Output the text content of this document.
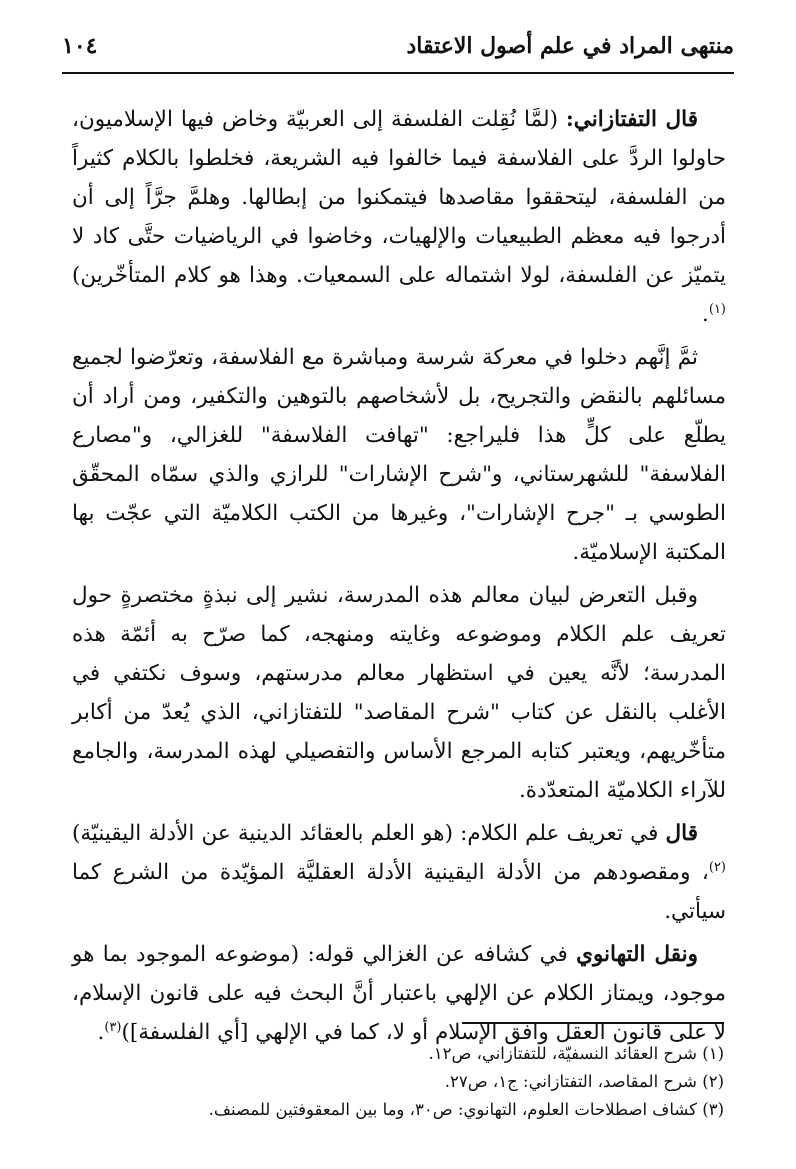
منتهى المراد في علم أصول الاعتقاد
١٠٤

قال التفتازاني: (لمَّا نُقِلت الفلسفة إلى العربيّة وخاض فيها الإسلاميون، حاولوا الردَّ على الفلاسفة فيما خالفوا فيه الشريعة، فخلطوا بالكلام كثيراً من الفلسفة، ليتحققوا مقاصدها فيتمكنوا من إبطالها. وهلمَّ جرَّاً إلى أن أدرجوا فيه معظم الطبيعيات والإلهيات، وخاضوا في الرياضيات حتَّى كاد لا يتميّز عن الفلسفة، لولا اشتماله على السمعيات. وهذا هو كلام المتأخّرين)$^{(١)}$.

ثمَّ إنَّهم دخلوا في معركة شرسة ومباشرة مع الفلاسفة، وتعرّضوا لجميع مسائلهم بالنقض والتجريح، بل لأشخاصهم بالتوهين والتكفير، ومن أراد أن يطلّع على كلٍّ هذا فليراجع: "تهافت الفلاسفة" للغزالي، و"مصارع الفلاسفة" للشهرستاني، و"شرح الإشارات" للرازي والذي سمّاه المحقّق الطوسي بـ "جرح الإشارات"، وغيرها من الكتب الكلاميّة التي عجّت بها المكتبة الإسلاميّة.

وقبل التعرض لبيان معالم هذه المدرسة، نشير إلى نبذةٍ مختصرةٍ حول تعريف علم الكلام وموضوعه وغايته ومنهجه، كما صرّح به أئمّة هذه المدرسة؛ لأنَّه يعين في استظهار معالم مدرستهم، وسوف نكتفي في الأغلب بالنقل عن كتاب "شرح المقاصد" للتفتازاني، الذي يُعدّ من أكابر متأخّريهم، ويعتبر كتابه المرجع الأساس والتفصيلي لهذه المدرسة، والجامع للآراء الكلاميّة المتعدّدة.

قال في تعريف علم الكلام: (هو العلم بالعقائد الدينية عن الأدلة اليقينيّة)$^{(٢)}$، ومقصودهم من الأدلة اليقينية الأدلة العقليَّة المؤيّدة من الشرع كما سيأتي.

ونقل التهانوي في كشافه عن الغزالي قوله: (موضوعه الموجود بما هو موجود، ويمتاز الكلام عن الإلهي باعتبار أنَّ البحث فيه على قانون الإسلام، لا على قانون العقل وافق الإسلام أو لا، كما في الإلهي [أي الفلسفة])$^{(٣)}$.

(١) شرح العقائد النسفيّة، للتفتازاني، ص١٢.

(٢) شرح المقاصد، التفتازاني: ج١، ص٢٧.

(٣) كشاف اصطلاحات العلوم، التهانوي: ص٣٠، وما بين المعقوفتين للمصنف.
